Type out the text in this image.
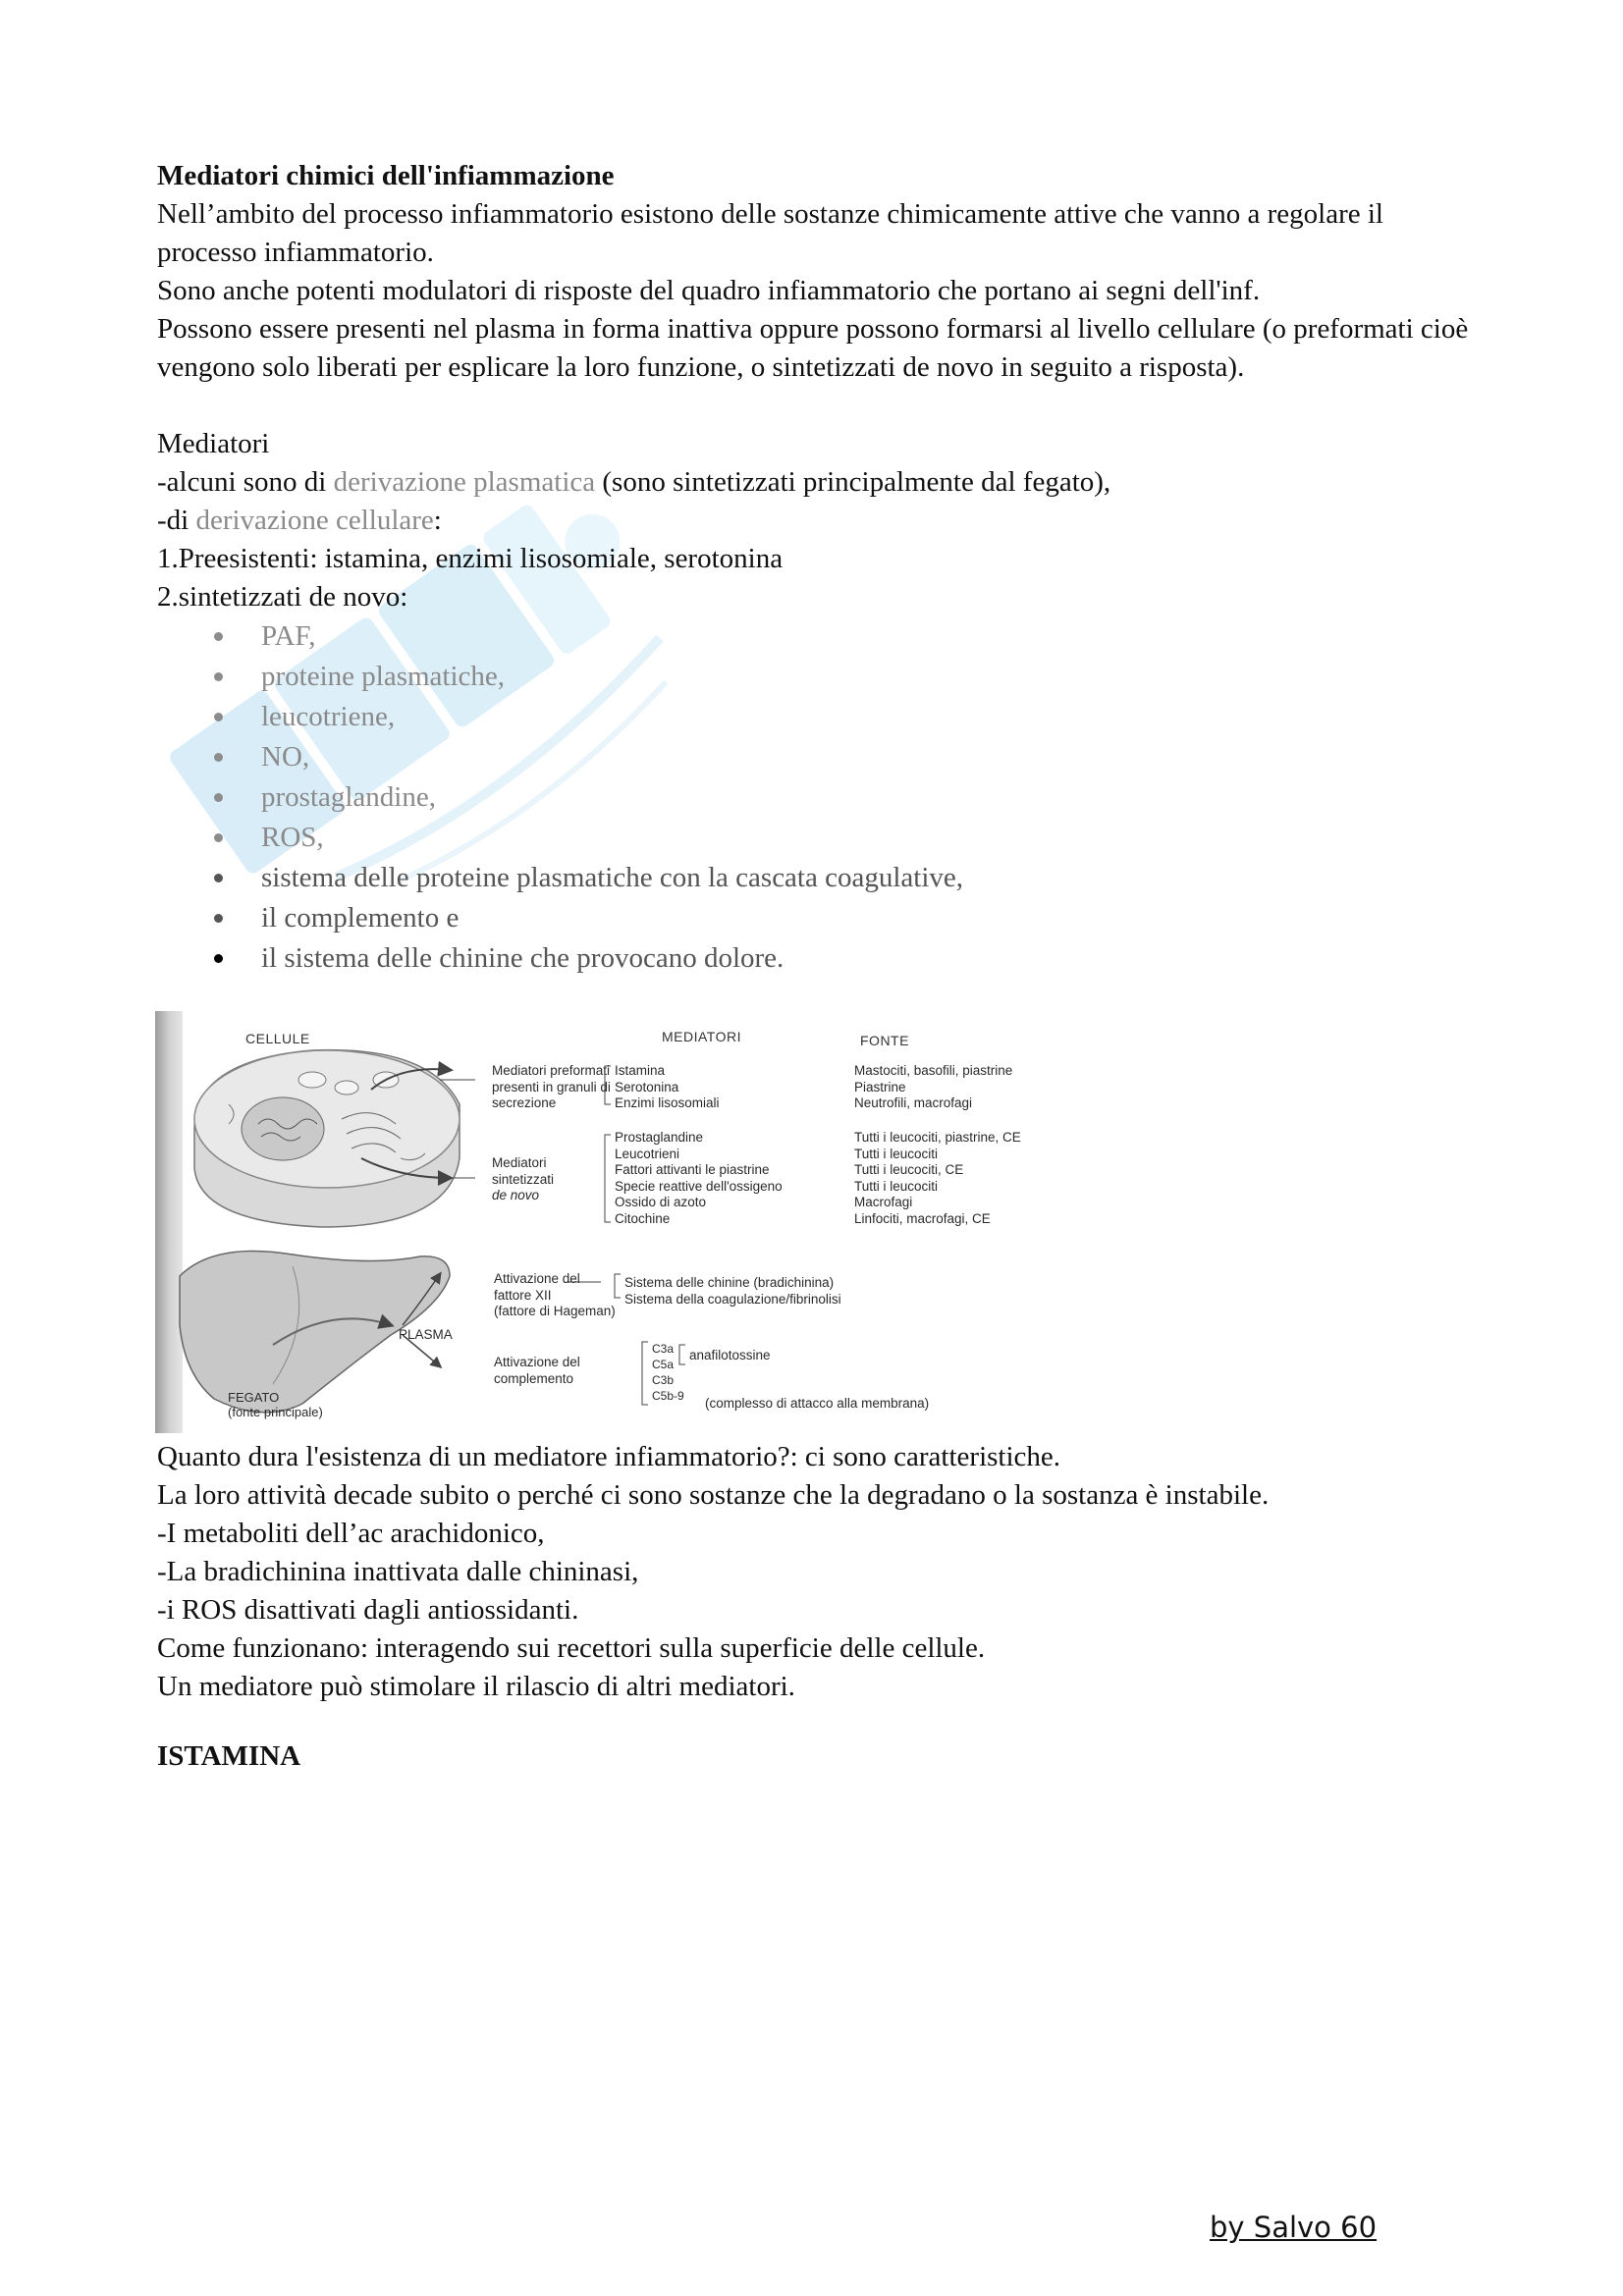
Mediatori chimici dell'infiammazione

Nell’ambito del processo infiammatorio esistono delle sostanze chimicamente attive che vanno a regolare il processo infiammatorio.

Sono anche potenti modulatori di risposte del quadro infiammatorio che portano ai segni dell'inf.

Possono essere presenti nel plasma in forma inattiva oppure possono formarsi al livello cellulare (o preformati cioè vengono solo liberati per esplicare la loro funzione, o sintetizzati de novo in seguito a risposta).

Mediatori

-alcuni sono di derivazione plasmatica (sono sintetizzati principalmente dal fegato),

-di derivazione cellulare:

1.Preesistenti: istamina, enzimi lisosomiale, serotonina

2.sintetizzati de novo:

PAF,
proteine plasmatiche,
leucotriene,
NO,
prostaglandine,
ROS,
sistema delle proteine plasmatiche con la cascata coagulative,
il complemento e
il sistema delle chinine che provocano dolore.
CELLULE	MEDIATORI	FONTE
Mediatori preformati
presenti in granuli di
secrezione
Istamina
Serotonina
Enzimi lisosomiali
Mastociti, basofili, piastrine
Piastrine
Neutrofili, macrofagi
Mediatori
sintetizzati
de novo
Prostaglandine
Leucotrieni
Fattori attivanti le piastrine
Specie reattive dell'ossigeno
Ossido di azoto
Citochine
Tutti i leucociti, piastrine, CE
Tutti i leucociti
Tutti i leucociti, CE
Tutti i leucociti
Macrofagi
Linfociti, macrofagi, CE
PLASMA
Attivazione del
fattore XII
(fattore di Hageman)
Sistema delle chinine (bradichinina)
Sistema della coagulazione/fibrinolisi
Attivazione del
complemento
C3a
C5a
C3b
C5b-9
anafilotossine
(complesso di attacco alla membrana)
FEGATO
(fonte principale)

Quanto dura l'esistenza di un mediatore infiammatorio?: ci sono caratteristiche.

La loro attività decade subito o perché ci sono sostanze che la degradano o la sostanza è instabile.

-I metaboliti dell’ac arachidonico,

-La bradichinina inattivata dalle chininasi,

-i ROS disattivati dagli antiossidanti.

Come funzionano: interagendo sui recettori sulla superficie delle cellule.

Un mediatore può stimolare il rilascio di altri mediatori.

ISTAMINA
by Salvo 60
